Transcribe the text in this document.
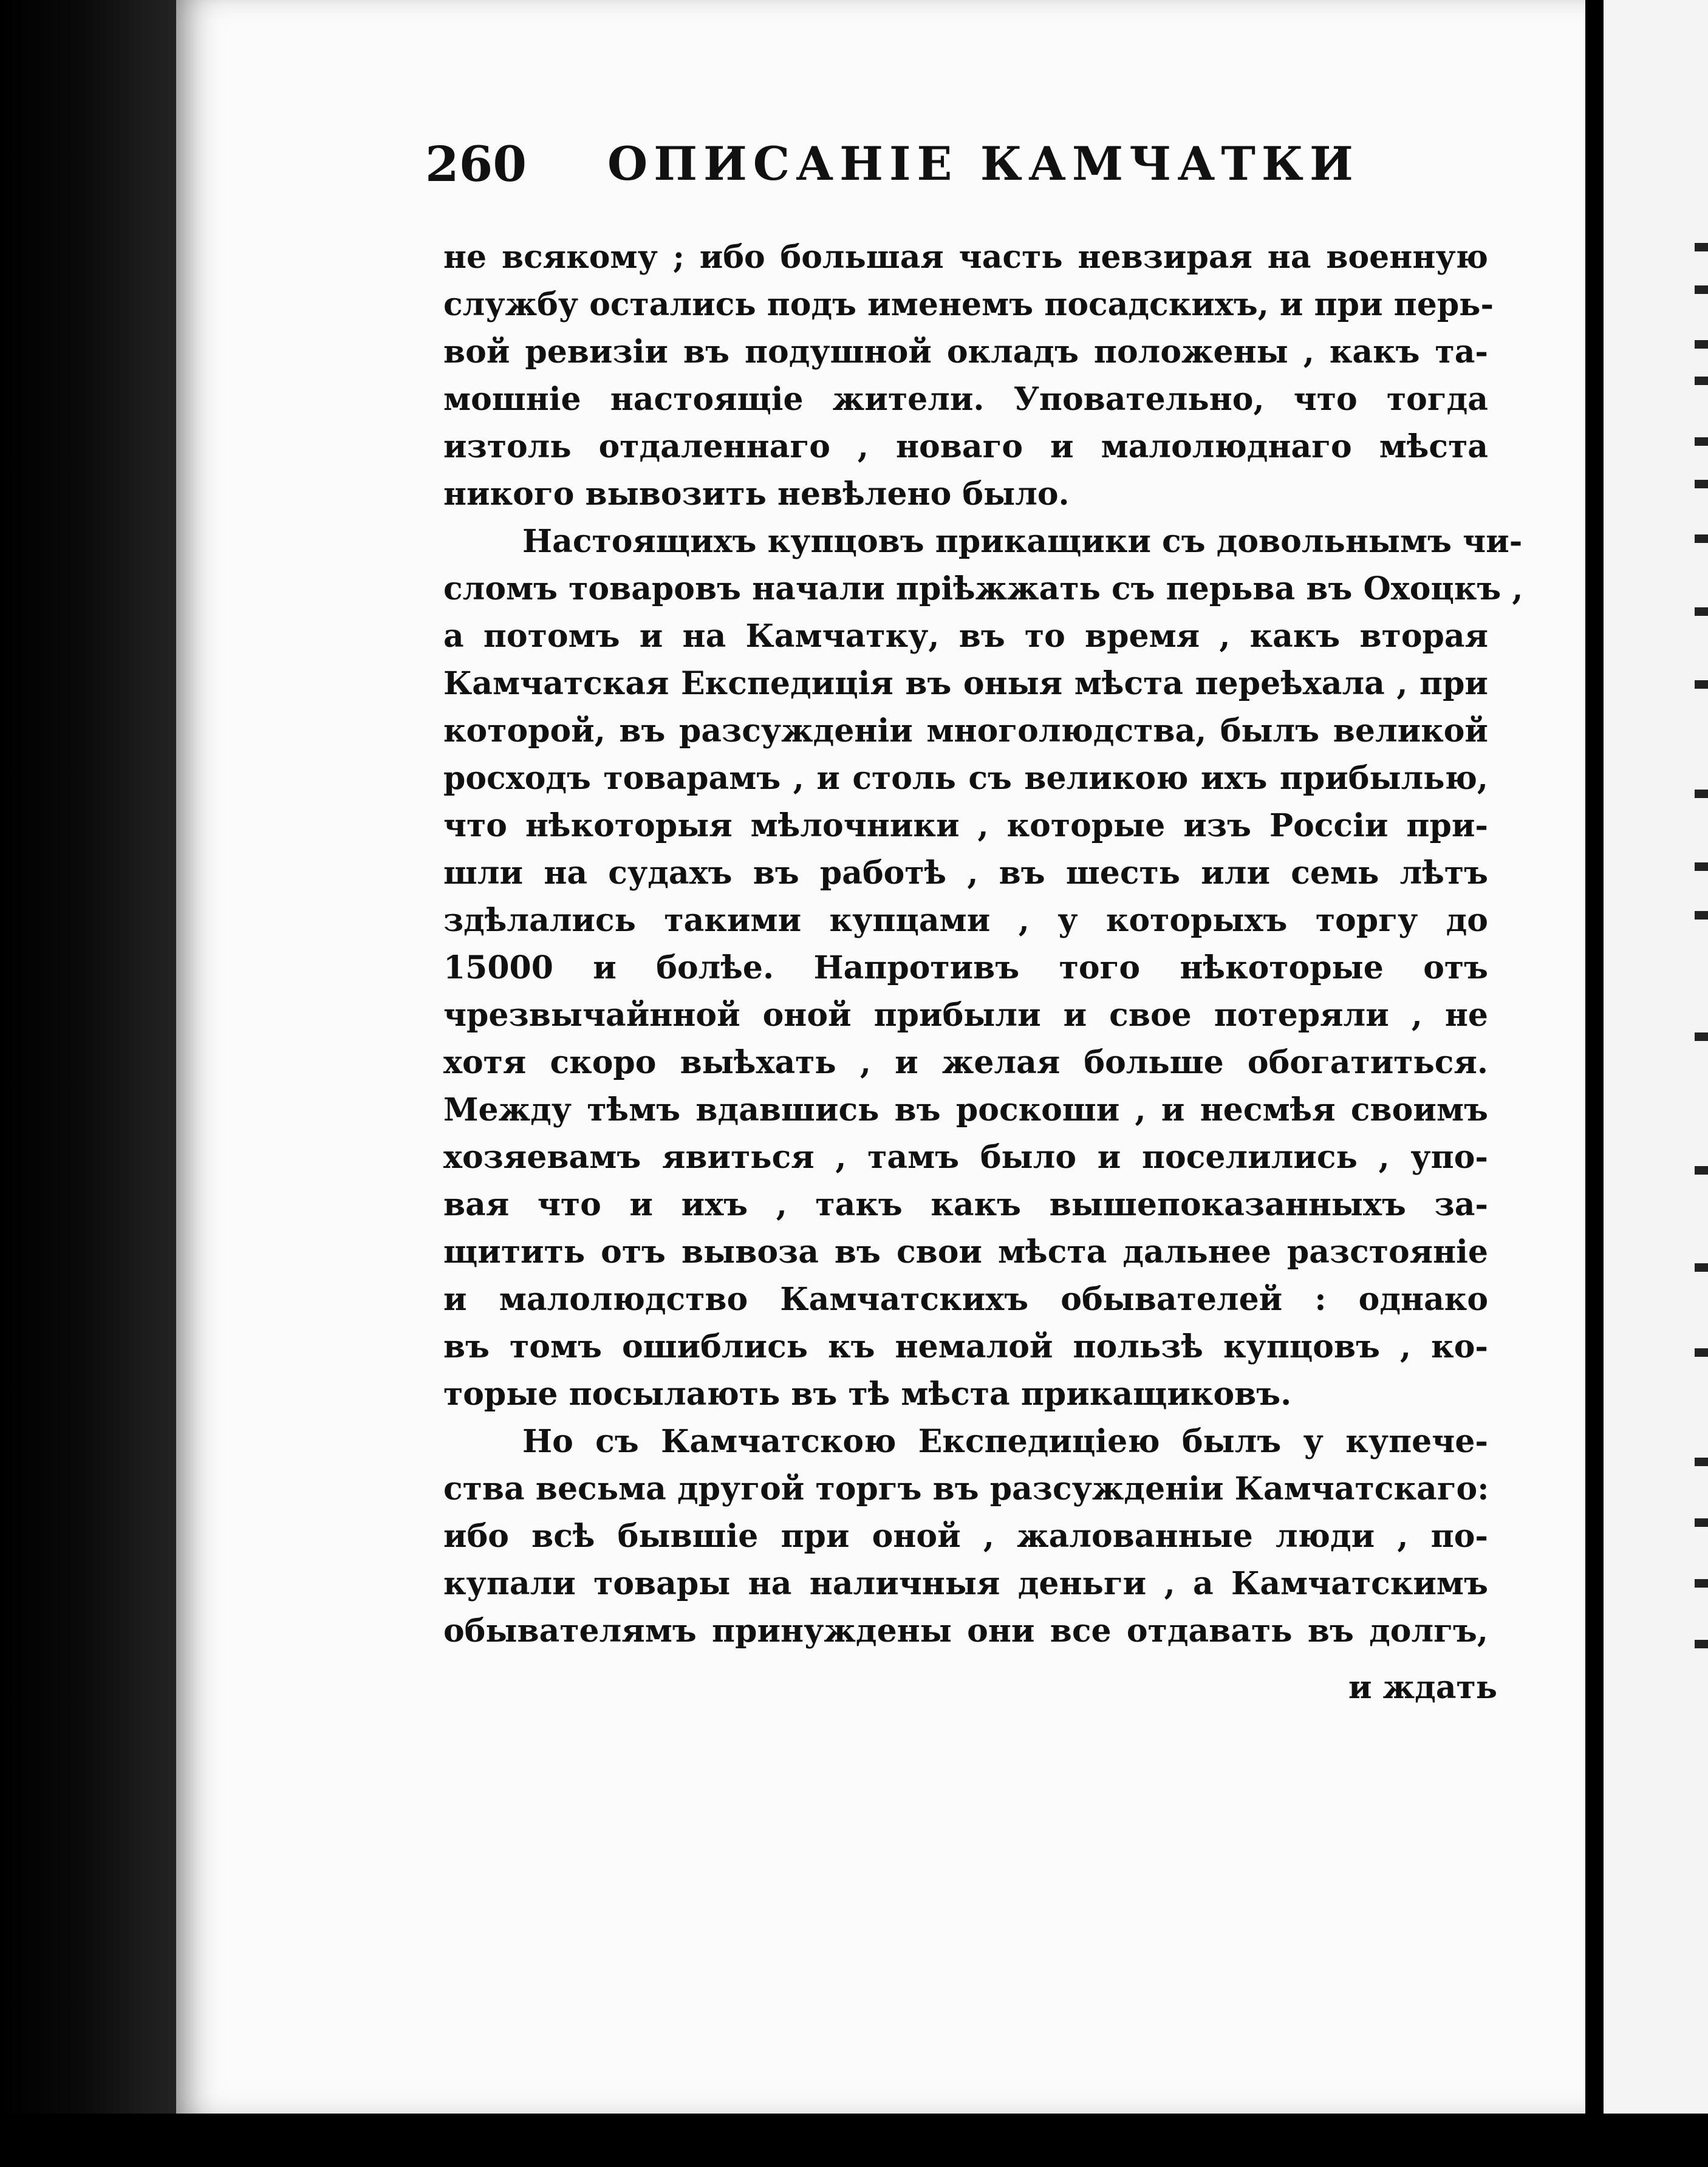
260 ОПИСАНІЕ КАМЧАТКИ
не всякому ; ибо большая часть невзирая на военную
службу остались подъ именемъ посадскихъ, и при перь-
вой ревизіи въ подушной окладъ положены , какъ та-
мошніе настоящіе жители. Уповательно, что тогда
изтоль отдаленнаго , новаго и малолюднаго мѣста
никого вывозить невѣлено было.
Настоящихъ купцовъ прикащики съ довольнымъ чи-
сломъ товаровъ начали пріѣжжать съ перьва въ Охоцкъ ,
а потомъ и на Камчатку, въ то время , какъ вторая
Камчатская Експедиція въ оныя мѣста переѣхала , при
которой, въ разсужденіи многолюдства, былъ великой
росходъ товарамъ , и столь съ великою ихъ прибылью,
что нѣкоторыя мѣлочники , которые изъ Россіи при-
шли на судахъ въ работѣ , въ шесть или семь лѣтъ
здѣлались такими купцами , у которыхъ торгу до
15000 и болѣе. Напротивъ того нѣкоторые отъ
чрезвычайнной оной прибыли и свое потеряли , не
хотя скоро выѣхать , и желая больше обогатиться.
Между тѣмъ вдавшись въ роскоши , и несмѣя своимъ
хозяевамъ явиться , тамъ было и поселились , упо-
вая что и ихъ , такъ какъ вышепоказанныхъ за-
щитить отъ вывоза въ свои мѣста дальнее разстояніе
и малолюдство Камчатскихъ обывателей : однако
въ томъ ошиблись къ немалой пользѣ купцовъ , ко-
торые посылають въ тѣ мѣста прикащиковъ.
Но съ Камчатскою Експедиціею былъ у купече-
ства весьма другой торгъ въ разсужденіи Камчатскаго:
ибо всѣ бывшіе при оной , жалованные люди , по-
купали товары на наличныя деньги , а Камчатскимъ
обывателямъ принуждены они все отдавать въ долгъ,
и ждать
